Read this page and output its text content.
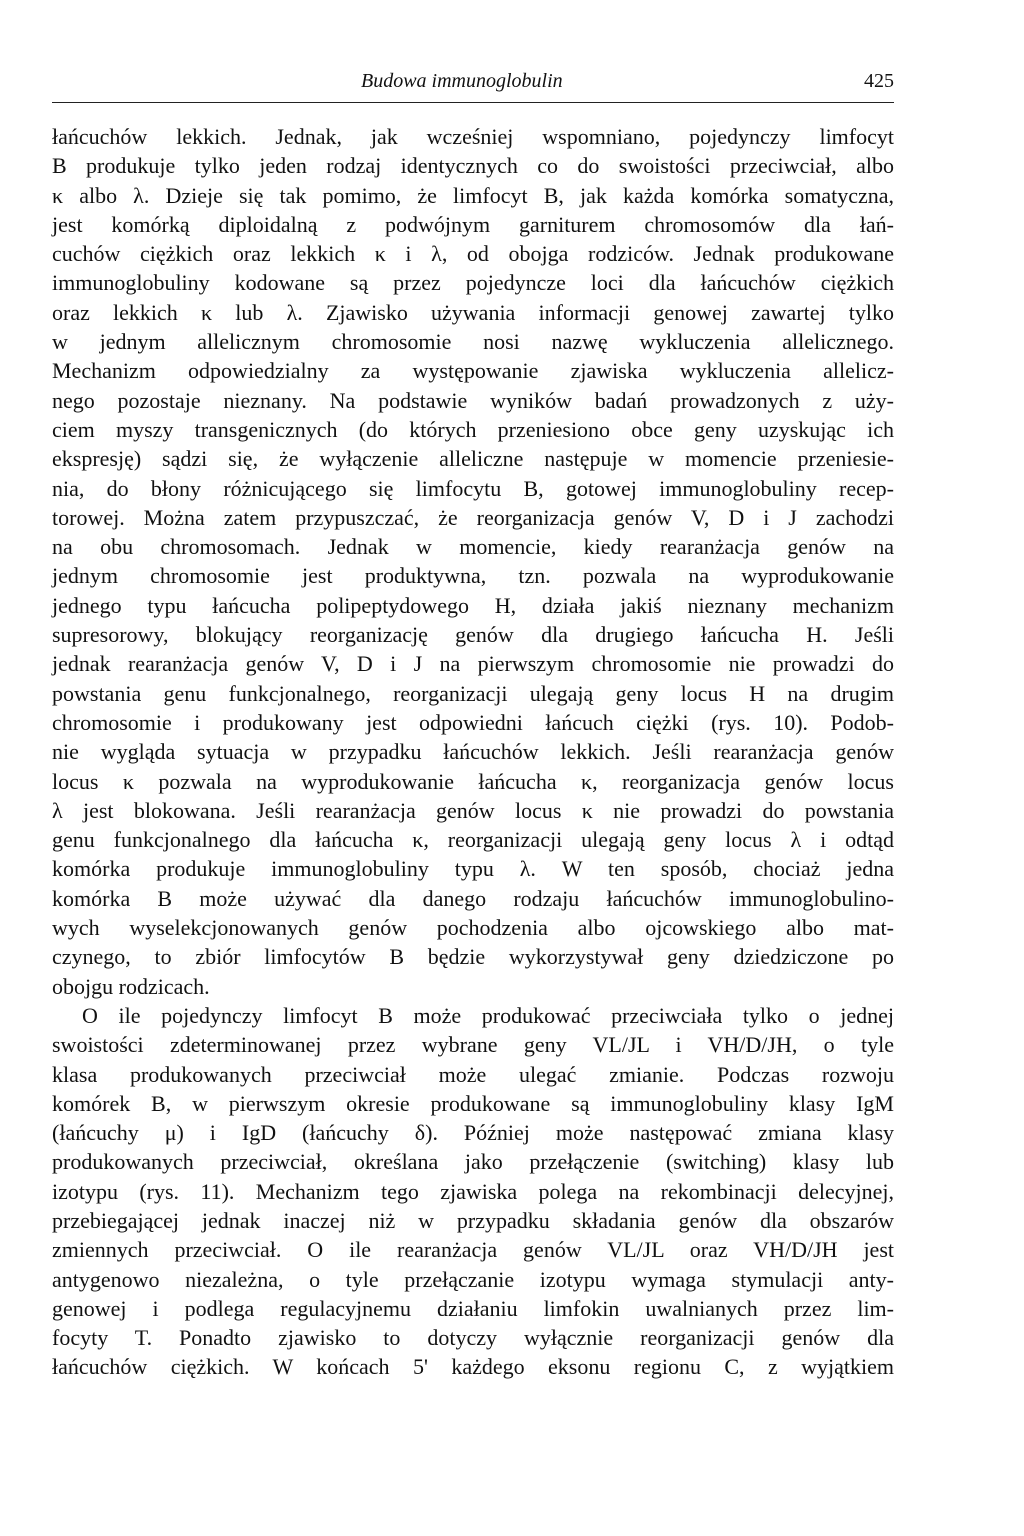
Budowa immunoglobulin	425
łańcuchów lekkich. Jednak, jak wcześniej wspomniano, pojedynczy limfocyt
B produkuje tylko jeden rodzaj identycznych co do swoistości przeciwciał, albo
κ albo λ. Dzieje się tak pomimo, że limfocyt B, jak każda komórka somatyczna,
jest komórką diploidalną z podwójnym garniturem chromosomów dla łań-
cuchów ciężkich oraz lekkich κ i λ, od obojga rodziców. Jednak produkowane
immunoglobuliny kodowane są przez pojedyncze loci dla łańcuchów ciężkich
oraz lekkich κ lub λ. Zjawisko używania informacji genowej zawartej tylko
w jednym allelicznym chromosomie nosi nazwę wykluczenia allelicznego.
Mechanizm odpowiedzialny za występowanie zjawiska wykluczenia allelicz-
nego pozostaje nieznany. Na podstawie wyników badań prowadzonych z uży-
ciem myszy transgenicznych (do których przeniesiono obce geny uzyskując ich
ekspresję) sądzi się, że wyłączenie alleliczne następuje w momencie przeniesie-
nia, do błony różnicującego się limfocytu B, gotowej immunoglobuliny recep-
torowej. Można zatem przypuszczać, że reorganizacja genów V, D i J zachodzi
na obu chromosomach. Jednak w momencie, kiedy rearanżacja genów na
jednym chromosomie jest produktywna, tzn. pozwala na wyprodukowanie
jednego typu łańcucha polipeptydowego H, działa jakiś nieznany mechanizm
supresorowy, blokujący reorganizację genów dla drugiego łańcucha H. Jeśli
jednak rearanżacja genów V, D i J na pierwszym chromosomie nie prowadzi do
powstania genu funkcjonalnego, reorganizacji ulegają geny locus H na drugim
chromosomie i produkowany jest odpowiedni łańcuch ciężki (rys. 10). Podob-
nie wygląda sytuacja w przypadku łańcuchów lekkich. Jeśli rearanżacja genów
locus κ pozwala na wyprodukowanie łańcucha κ, reorganizacja genów locus
λ jest blokowana. Jeśli rearanżacja genów locus κ nie prowadzi do powstania
genu funkcjonalnego dla łańcucha κ, reorganizacji ulegają geny locus λ i odtąd
komórka produkuje immunoglobuliny typu λ. W ten sposób, chociaż jedna
komórka B może używać dla danego rodzaju łańcuchów immunoglobulino-
wych wyselekcjonowanych genów pochodzenia albo ojcowskiego albo mat-
czynego, to zbiór limfocytów B będzie wykorzystywał geny dziedziczone po
obojgu rodzicach.
O ile pojedynczy limfocyt B może produkować przeciwciała tylko o jednej
swoistości zdeterminowanej przez wybrane geny VL/JL i VH/D/JH, o tyle
klasa produkowanych przeciwciał może ulegać zmianie. Podczas rozwoju
komórek B, w pierwszym okresie produkowane są immunoglobuliny klasy IgM
(łańcuchy μ) i IgD (łańcuchy δ). Później może następować zmiana klasy
produkowanych przeciwciał, określana jako przełączenie (switching) klasy lub
izotypu (rys. 11). Mechanizm tego zjawiska polega na rekombinacji delecyjnej,
przebiegającej jednak inaczej niż w przypadku składania genów dla obszarów
zmiennych przeciwciał. O ile rearanżacja genów VL/JL oraz VH/D/JH jest
antygenowo niezależna, o tyle przełączanie izotypu wymaga stymulacji anty-
genowej i podlega regulacyjnemu działaniu limfokin uwalnianych przez lim-
focyty T. Ponadto zjawisko to dotyczy wyłącznie reorganizacji genów dla
łańcuchów ciężkich. W końcach 5' każdego eksonu regionu C, z wyjątkiem
